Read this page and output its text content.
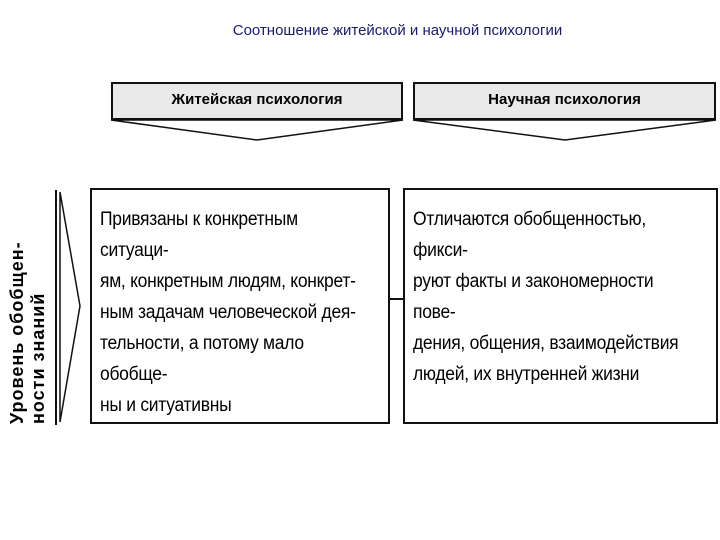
Соотношение житейской и научной психологии
Житейская психология	Научная психология
Уровень обобщен- ности знаний
Привязаны к конкретным ситуаци-
ям, конкретным людям, конкрет-
ным задачам человеческой дея-
тельности, а потому мало обобще-
ны и ситуативны
Отличаются обобщенностью, фикси-
руют факты и закономерности пове-
дения, общения, взаимодействия
людей, их внутренней жизни
